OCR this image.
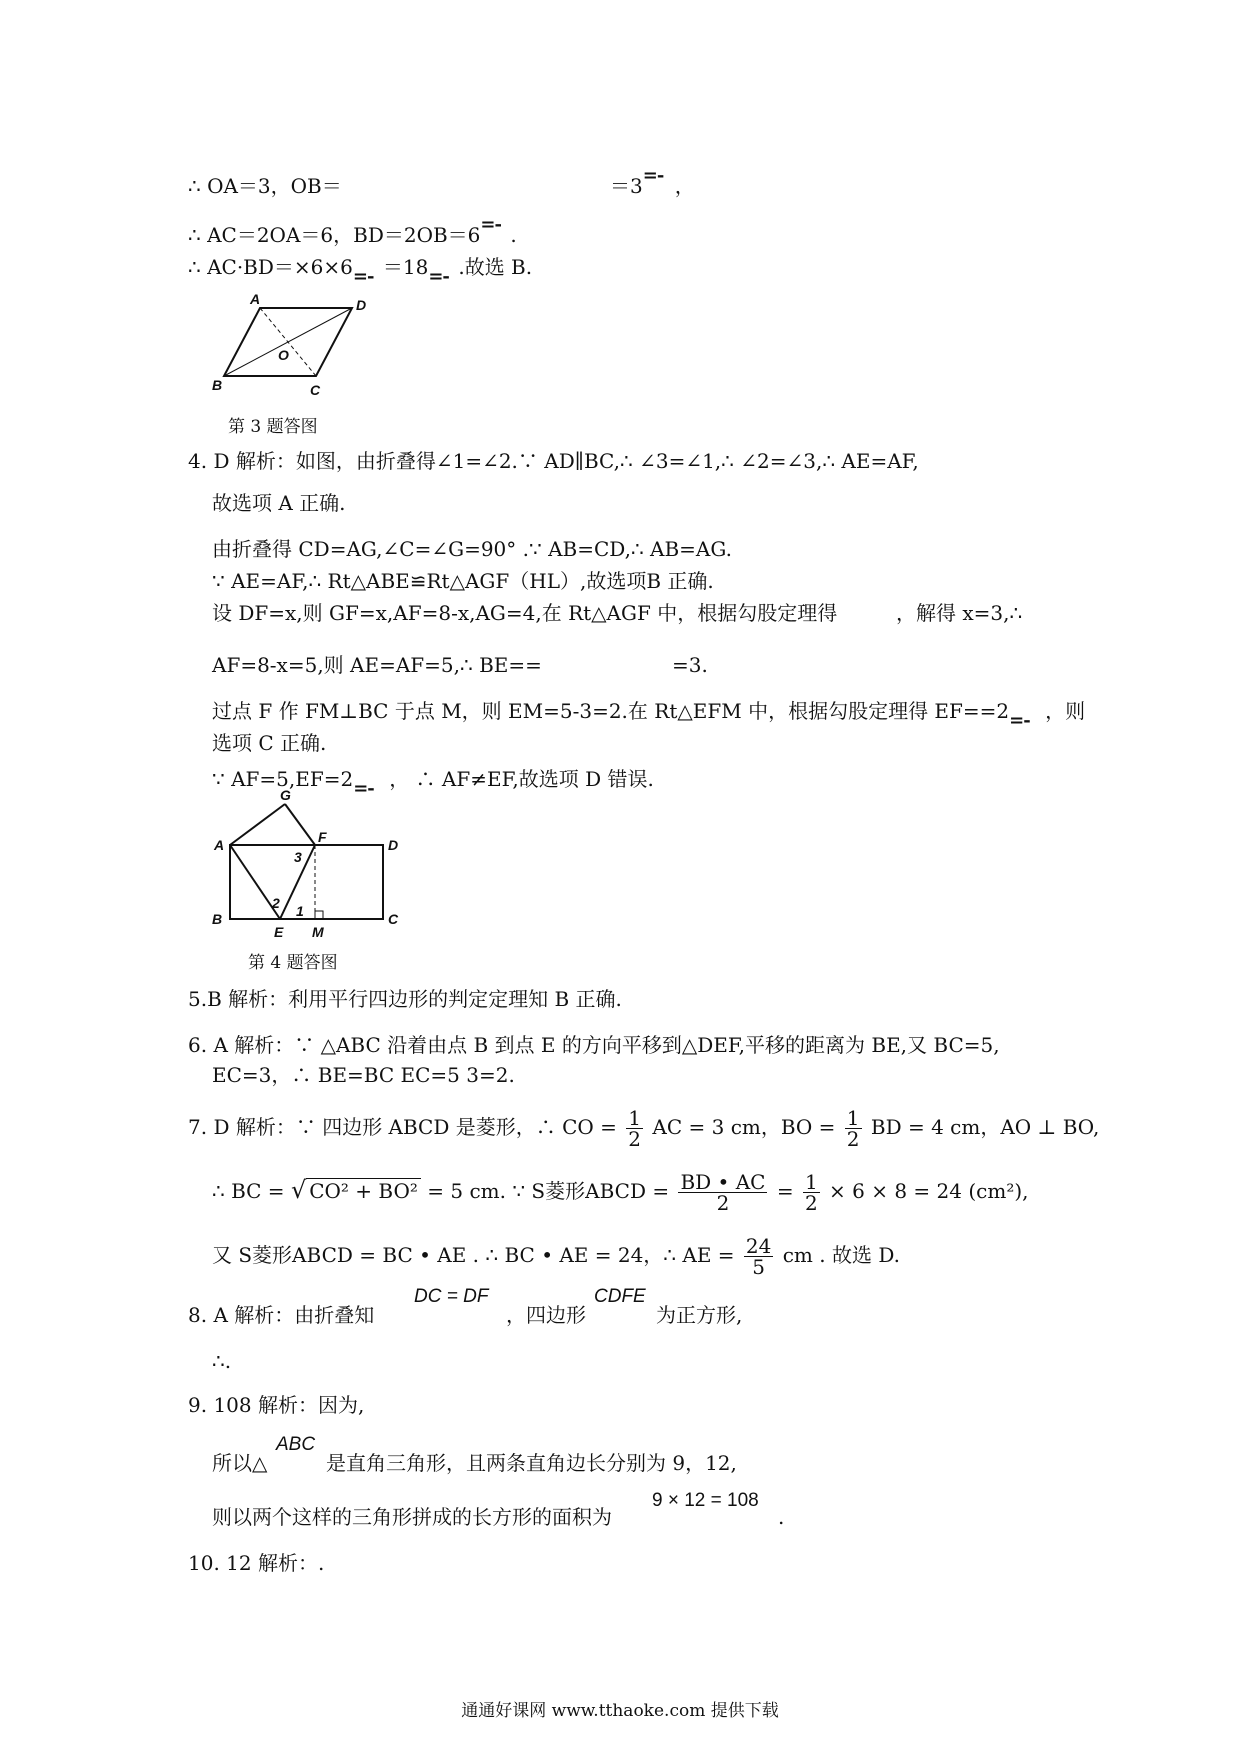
∴ OA＝3，OB＝	＝3 =- ，
∴ AC＝2OA＝6，BD＝2OB＝6 =- .
∴ AC·BD＝×6×6 =- ＝18 =- .故选 B.
A	D
B	C
O
第 3 题答图
4. D 解析：如图，由折叠得∠1=∠2.∵ AD∥BC,∴ ∠3=∠1,∴ ∠2=∠3,∴ AE=AF,
故选项 A 正确.
由折叠得 CD=AG,∠C=∠G=90° .∵ AB=CD,∴ AB=AG.
∵ AE=AF,∴ Rt△ABE≌Rt△AGF（HL）,故选项B 正确.
设 DF=x,则 GF=x,AF=8-x,AG=4,在 Rt△AGF 中，根据勾股定理得	，解得 x=3,∴
AF=8-x=5,则 AE=AF=5,∴ BE==	=3.
过点 F 作 FM⊥BC 于点 M，则 EM=5-3=2.在 Rt△EFM 中，根据勾股定理得 EF==2 =- ，则
选项 C 正确.
∵ AF=5,EF=2 =- ， ∴ AF≠EF,故选项 D 错误.
G
A	F	D
B
E M
C
3
2 1
第 4 题答图
5.B 解析：利用平行四边形的判定定理知 B 正确.
6. A 解析：∵ △ABC 沿着由点 B 到点 E 的方向平移到△DEF,平移的距离为 BE,又 BC=5,
EC=3，∴ BE=BC EC=5 3=2.
7. D 解析：∵ 四边形 ABCD 是菱形，∴ CO = $\frac{1}{2}$ AC = 3 cm，BO = $\frac{1}{2}$ BD = 4 cm，AO ⊥ BO,
∴ BC = √ CO² + BO² = 5 cm. ∵ S菱形ABCD = $\frac{BD • AC}{2} = \frac{1}{2} \times 6 \times 8 = 24$ (cm²),
又 S菱形ABCD = BC • AE . ∴ BC • AE = 24，∴ AE = $\frac{24}{5}$ cm . 故选 D.
8. A 解析：由折叠知
DC = DF
，四边形
CDFE
为正方形,
∴.
9. 108 解析：因为,
所以△
ABC
是直角三角形，且两条直角边长分别为 9，12,
则以两个这样的三角形拼成的长方形的面积为
9 × 12 = 108
.
10. 12 解析：.
通通好课网 www.tthaoke.com 提供下载
